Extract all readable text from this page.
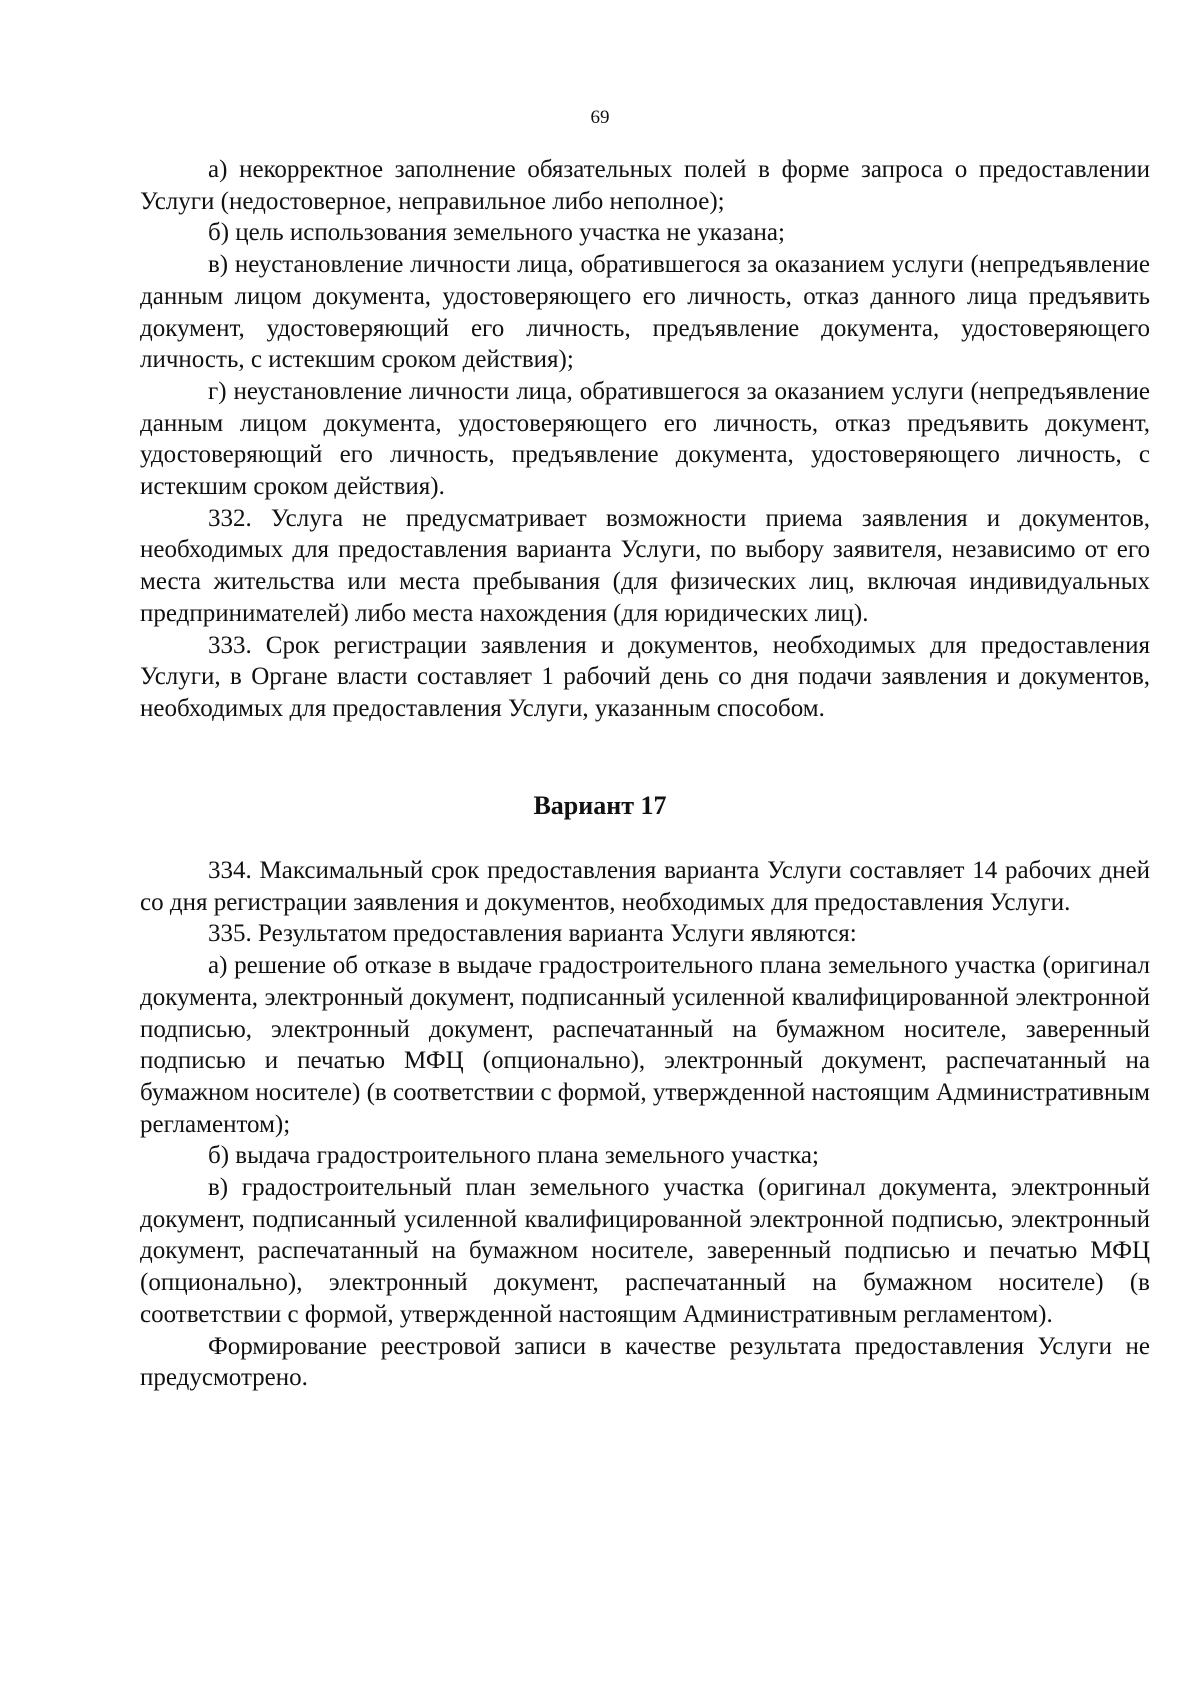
69

а) некорректное заполнение обязательных полей в форме запроса о предоставлении Услуги (недостоверное, неправильное либо неполное);

б) цель использования земельного участка не указана;

в) неустановление личности лица, обратившегося за оказанием услуги (непредъявление данным лицом документа, удостоверяющего его личность, отказ данного лица предъявить документ, удостоверяющий его личность, предъявление документа, удостоверяющего личность, с истекшим сроком действия);

г) неустановление личности лица, обратившегося за оказанием услуги (непредъявление данным лицом документа, удостоверяющего его личность, отказ предъявить документ, удостоверяющий его личность, предъявление документа, удостоверяющего личность, с истекшим сроком действия).

332. Услуга не предусматривает возможности приема заявления и документов, необходимых для предоставления варианта Услуги, по выбору заявителя, независимо от его места жительства или места пребывания (для физических лиц, включая индивидуальных предпринимателей) либо места нахождения (для юридических лиц).

333. Срок регистрации заявления и документов, необходимых для предоставления Услуги, в Органе власти составляет 1 рабочий день со дня подачи заявления и документов, необходимых для предоставления Услуги, указанным способом.

Вариант 17

334. Максимальный срок предоставления варианта Услуги составляет 14 рабочих дней со дня регистрации заявления и документов, необходимых для предоставления Услуги.

335. Результатом предоставления варианта Услуги являются:

а) решение об отказе в выдаче градостроительного плана земельного участка (оригинал документа, электронный документ, подписанный усиленной квалифицированной электронной подписью, электронный документ, распечатанный на бумажном носителе, заверенный подписью и печатью МФЦ (опционально), электронный документ, распечатанный на бумажном носителе) (в соответствии с формой, утвержденной настоящим Административным регламентом);

б) выдача градостроительного плана земельного участка;

в) градостроительный план земельного участка (оригинал документа, электронный документ, подписанный усиленной квалифицированной электронной подписью, электронный документ, распечатанный на бумажном носителе, заверенный подписью и печатью МФЦ (опционально), электронный документ, распечатанный на бумажном носителе) (в соответствии с формой, утвержденной настоящим Административным регламентом).

Формирование реестровой записи в качестве результата предоставления Услуги не предусмотрено.
